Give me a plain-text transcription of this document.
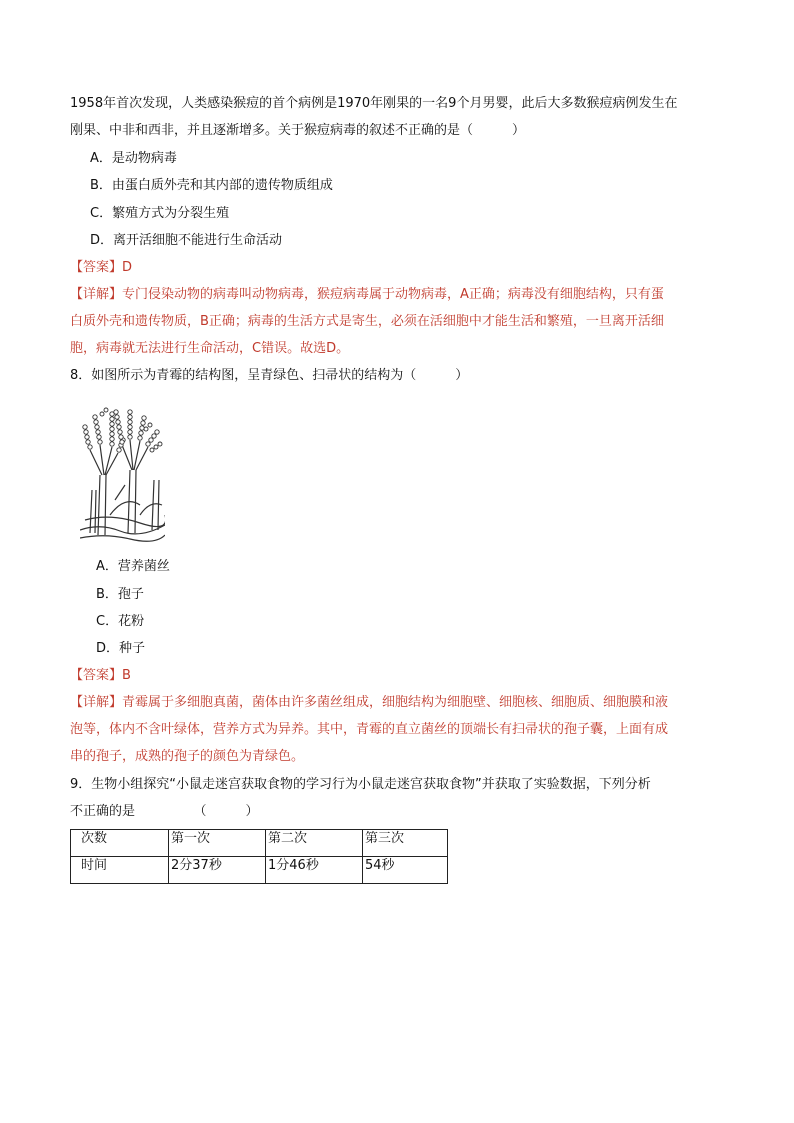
1958年首次发现，人类感染猴痘的首个病例是1970年刚果的一名9个月男婴，此后大多数猴痘病例发生在
刚果、中非和西非，并且逐渐增多。关于猴痘病毒的叙述不正确的是（　　　）
A．是动物病毒
B．由蛋白质外壳和其内部的遗传物质组成
C．繁殖方式为分裂生殖
D．离开活细胞不能进行生命活动
【答案】D
【详解】专门侵染动物的病毒叫动物病毒，猴痘病毒属于动物病毒，A正确；病毒没有细胞结构，只有蛋
白质外壳和遗传物质，B正确；病毒的生活方式是寄生，必须在活细胞中才能生活和繁殖，一旦离开活细
胞，病毒就无法进行生命活动，C错误。故选D。
8．如图所示为青霉的结构图，呈青绿色、扫帚状的结构为（　　　）
A．营养菌丝
B．孢子
C．花粉
D．种子
【答案】B
【详解】青霉属于多细胞真菌，菌体由许多菌丝组成，细胞结构为细胞壁、细胞核、细胞质、细胞膜和液
泡等，体内不含叶绿体，营养方式为异养。其中，青霉的直立菌丝的顶端长有扫帚状的孢子囊，上面有成
串的孢子，成熟的孢子的颜色为青绿色。
9．生物小组探究“小鼠走迷宫获取食物的学习行为小鼠走迷宫获取食物”并获取了实验数据，下列分析
不正确的是　　　　　（　　　）
次数	第一次	第二次	第三次
时间	2分37秒	1分46秒	54秒
